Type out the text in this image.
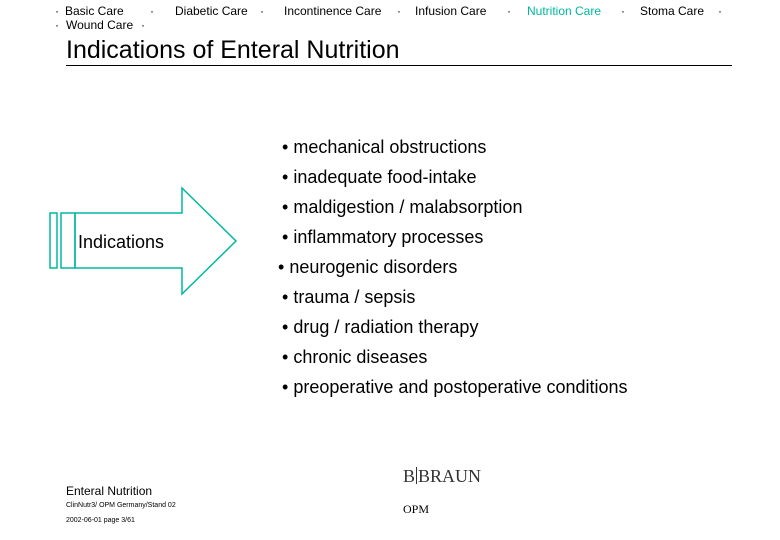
· Basic Care · Diabetic Care · Incontinence Care · Infusion Care · Nutrition Care · Stoma Care ·
· Wound Care ·
Indications of Enteral Nutrition
Indications
• mechanical obstructions
• inadequate food-intake
• maldigestion / malabsorption
• inflammatory processes
• neurogenic disorders
• trauma / sepsis
• drug / radiation therapy
• chronic diseases
• preoperative and postoperative conditions
Enteral Nutrition
ClinNutr3/ OPM Germany/Stand 02
2002-06-01 page 3/61
B BRAUN
OPM
